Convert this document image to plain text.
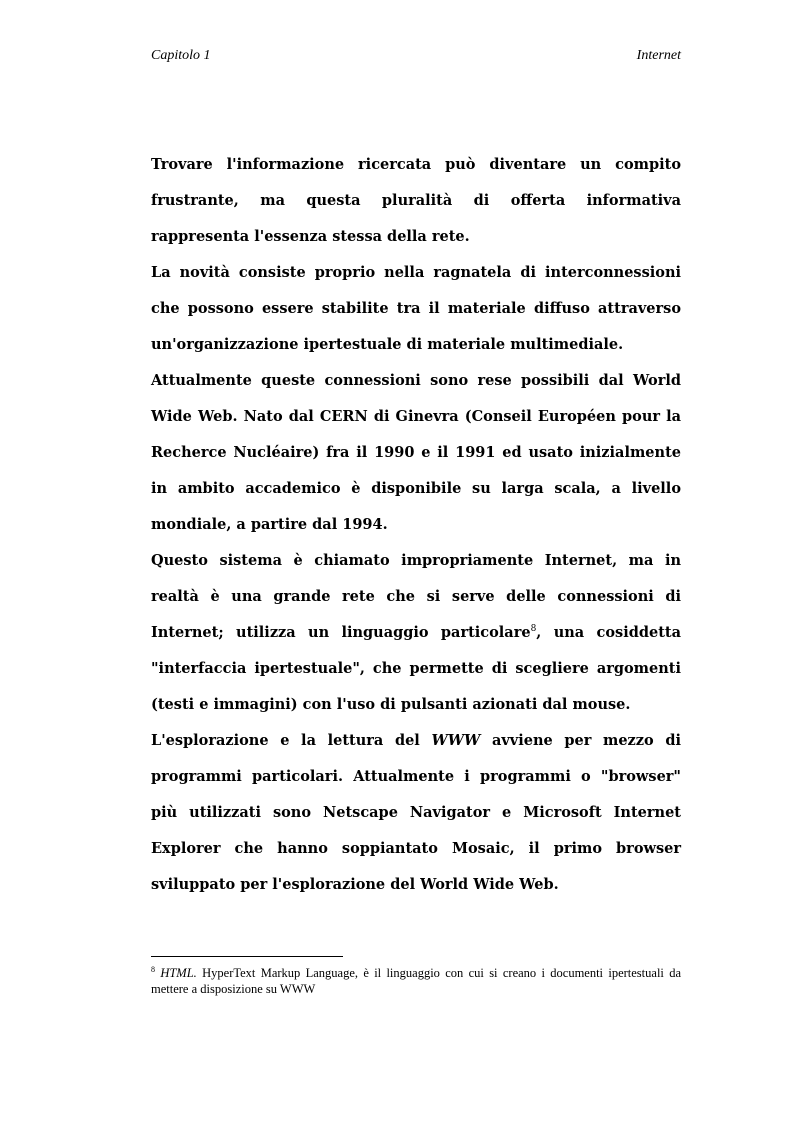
Capitolo 1	Internet

Trovare l'informazione ricercata può diventare un compito frustrante, ma questa pluralità di offerta informativa rappresenta l'essenza stessa della rete.

La novità consiste proprio nella ragnatela di interconnessioni che possono essere stabilite tra il materiale diffuso attraverso un'organizzazione ipertestuale di materiale multimediale.

Attualmente queste connessioni sono rese possibili dal World Wide Web. Nato dal CERN di Ginevra (Conseil Européen pour la Recherce Nucléaire) fra il 1990 e il 1991 ed usato inizialmente in ambito accademico è disponibile su larga scala, a livello mondiale, a partire dal 1994.

Questo sistema è chiamato impropriamente Internet, ma in realtà è una grande rete che si serve delle connessioni di Internet; utilizza un linguaggio particolare$^8$, una cosiddetta "interfaccia ipertestuale", che permette di scegliere argomenti (testi e immagini) con l'uso di pulsanti azionati dal mouse.

L'esplorazione e la lettura del WWW avviene per mezzo di programmi particolari. Attualmente i programmi o "browser" più utilizzati sono Netscape Navigator e Microsoft Internet Explorer che hanno soppiantato Mosaic, il primo browser sviluppato per l'esplorazione del World Wide Web.

$^8$ HTML. HyperText Markup Language, è il linguaggio con cui si creano i documenti ipertestuali da mettere a disposizione su WWW
